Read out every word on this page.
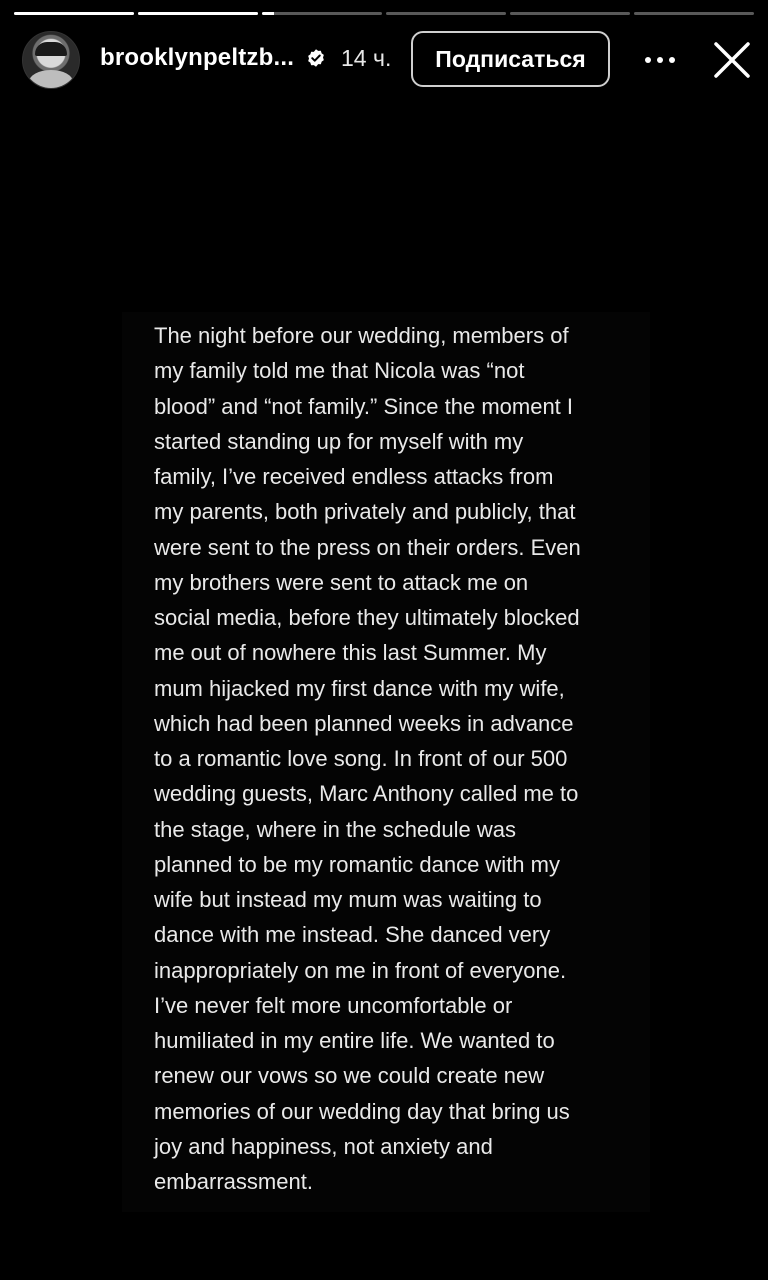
brooklynpeltzb... 14 ч.	Подписаться
The night before our wedding, members of
my family told me that Nicola was “not
blood” and “not family.” Since the moment I
started standing up for myself with my
family, I’ve received endless attacks from
my parents, both privately and publicly, that
were sent to the press on their orders. Even
my brothers were sent to attack me on
social media, before they ultimately blocked
me out of nowhere this last Summer. My
mum hijacked my first dance with my wife,
which had been planned weeks in advance
to a romantic love song. In front of our 500
wedding guests, Marc Anthony called me to
the stage, where in the schedule was
planned to be my romantic dance with my
wife but instead my mum was waiting to
dance with me instead. She danced very
inappropriately on me in front of everyone.
I’ve never felt more uncomfortable or
humiliated in my entire life. We wanted to
renew our vows so we could create new
memories of our wedding day that bring us
joy and happiness, not anxiety and
embarrassment.
